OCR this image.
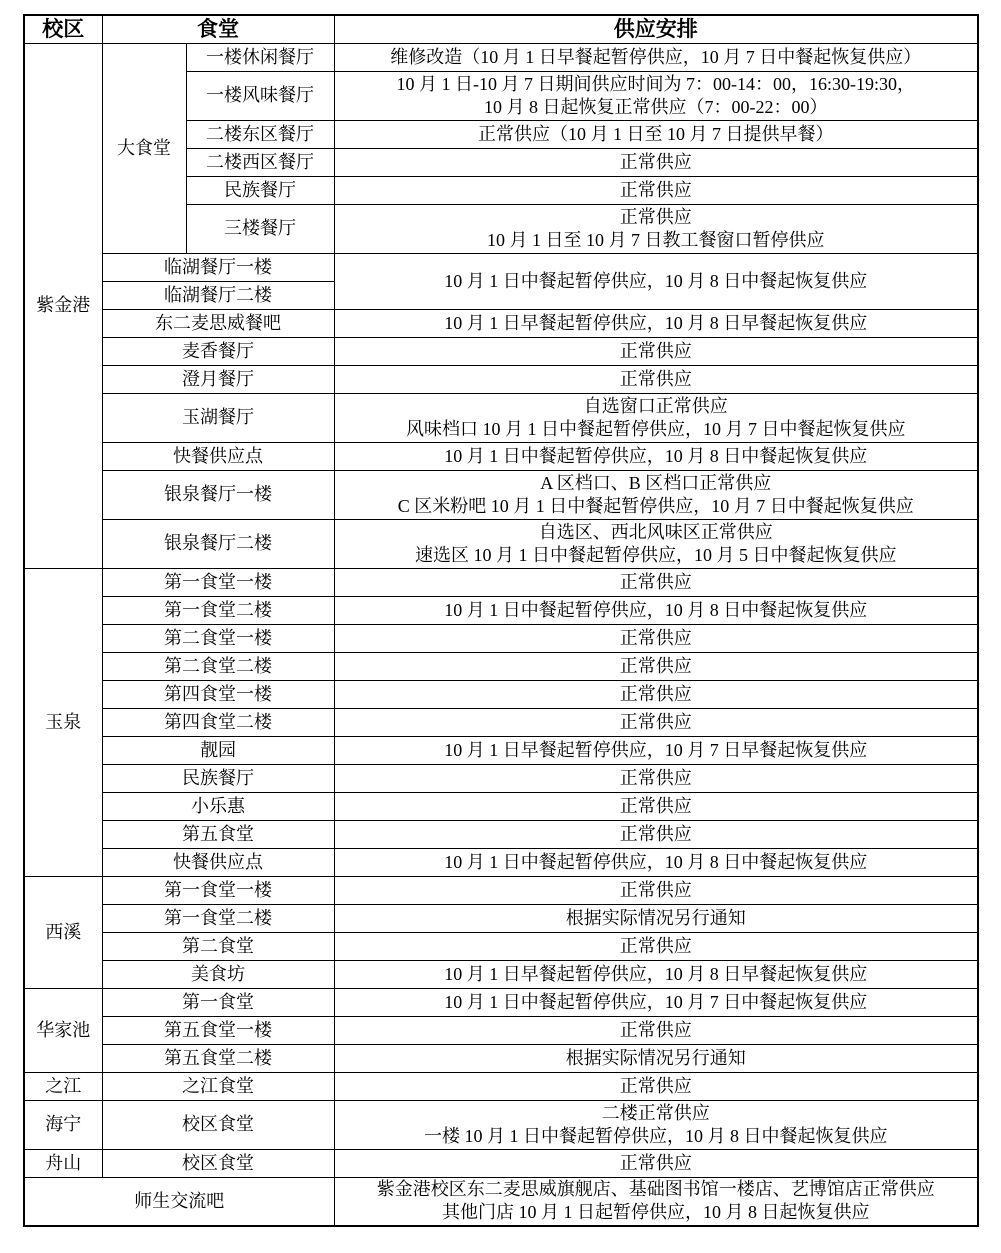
校区	食堂		供应安排
紫金港	大食堂	一楼休闲餐厅	维修改造（10 月 1 日早餐起暂停供应，10 月 7 日中餐起恢复供应）
		一楼风味餐厅	10 月 1 日-10 月 7 日期间供应时间为 7：00-14：00，16:30-19:30，
10 月 8 日起恢复正常供应（7：00-22：00）

		二楼东区餐厅	正常供应（10 月 1 日至 10 月 7 日提供早餐）
		二楼西区餐厅	正常供应
		民族餐厅	正常供应
		三楼餐厅	正常供应
10 月 1 日至 10 月 7 日教工餐窗口暂停供应

	临湖餐厅一楼		10 月 1 日中餐起暂停供应，10 月 8 日中餐起恢复供应
	临湖餐厅二楼		
	东二麦思威餐吧		10 月 1 日早餐起暂停供应，10 月 8 日早餐起恢复供应
	麦香餐厅		正常供应
	澄月餐厅		正常供应
	玉湖餐厅		自选窗口正常供应
风味档口 10 月 1 日中餐起暂停供应，10 月 7 日中餐起恢复供应

	快餐供应点		10 月 1 日中餐起暂停供应，10 月 8 日中餐起恢复供应
	银泉餐厅一楼		A 区档口、B 区档口正常供应
C 区米粉吧 10 月 1 日中餐起暂停供应，10 月 7 日中餐起恢复供应

	银泉餐厅二楼		自选区、西北风味区正常供应
速选区 10 月 1 日中餐起暂停供应，10 月 5 日中餐起恢复供应

玉泉	第一食堂一楼		正常供应
	第一食堂二楼		10 月 1 日中餐起暂停供应，10 月 8 日中餐起恢复供应
	第二食堂一楼		正常供应
	第二食堂二楼		正常供应
	第四食堂一楼		正常供应
	第四食堂二楼		正常供应
	靓园		10 月 1 日早餐起暂停供应，10 月 7 日早餐起恢复供应
	民族餐厅		正常供应
	小乐惠		正常供应
	第五食堂		正常供应
	快餐供应点		10 月 1 日中餐起暂停供应，10 月 8 日中餐起恢复供应
西溪	第一食堂一楼		正常供应
	第一食堂二楼		根据实际情况另行通知
	第二食堂		正常供应
	美食坊		10 月 1 日早餐起暂停供应，10 月 8 日早餐起恢复供应
华家池	第一食堂		10 月 1 日中餐起暂停供应，10 月 7 日中餐起恢复供应
	第五食堂一楼		正常供应
	第五食堂二楼		根据实际情况另行通知
之江	之江食堂		正常供应
海宁	校区食堂		二楼正常供应
一楼 10 月 1 日中餐起暂停供应，10 月 8 日中餐起恢复供应

舟山	校区食堂		正常供应
师生交流吧			紫金港校区东二麦思威旗舰店、基础图书馆一楼店、艺博馆店正常供应
其他门店 10 月 1 日起暂停供应，10 月 8 日起恢复供应
